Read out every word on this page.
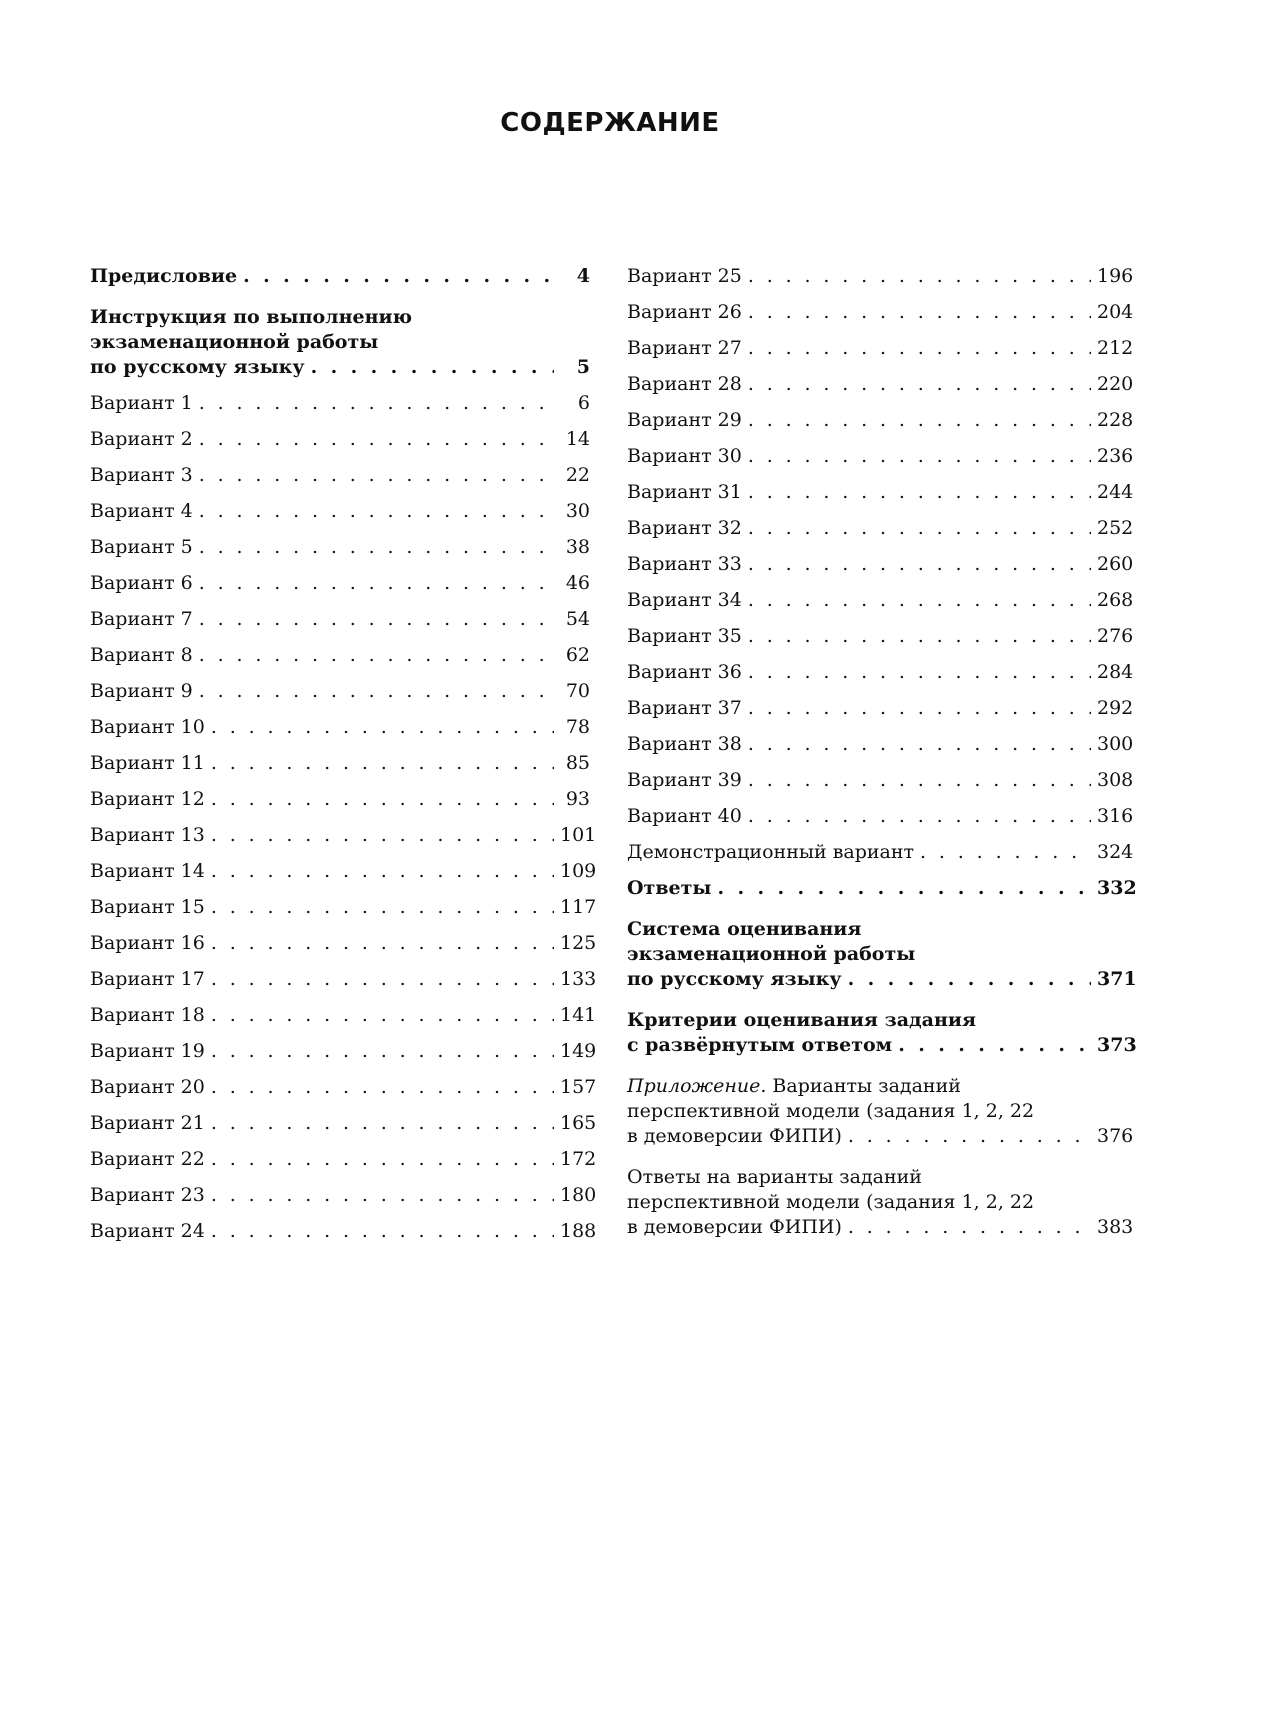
СОДЕРЖАНИЕ
Предисловие . . .	4
Инструкция по выполнению
экзаменационной работы
по русскому языку . . .	5
Вариант 1 . . .	6
Вариант 2 . . .	14
Вариант 3 . . .	22
Вариант 4 . . .	30
Вариант 5 . . .	38
Вариант 6 . . .	46
Вариант 7 . . .	54
Вариант 8 . . .	62
Вариант 9 . . .	70
Вариант 10 . . .	78
Вариант 11 . . .	85
Вариант 12 . . .	93
Вариант 13 . . .	101
Вариант 14 . . .	109
Вариант 15 . . .	117
Вариант 16 . . .	125
Вариант 17 . . .	133
Вариант 18 . . .	141
Вариант 19 . . .	149
Вариант 20 . . .	157
Вариант 21 . . .	165
Вариант 22 . . .	172
Вариант 23 . . .	180
Вариант 24 . . .	188
Вариант 25 . . .	196
Вариант 26 . . .	204
Вариант 27 . . .	212
Вариант 28 . . .	220
Вариант 29 . . .	228
Вариант 30 . . .	236
Вариант 31 . . .	244
Вариант 32 . . .	252
Вариант 33 . . .	260
Вариант 34 . . .	268
Вариант 35 . . .	276
Вариант 36 . . .	284
Вариант 37 . . .	292
Вариант 38 . . .	300
Вариант 39 . . .	308
Вариант 40 . . .	316
Демонстрационный вариант . . .	324
Ответы . . .	332
Система оценивания
экзаменационной работы
по русскому языку . . .	371
Критерии оценивания задания
с развёрнутым ответом . . .	373
Приложение. Варианты заданий
перспективной модели (задания 1, 2, 22
в демоверсии ФИПИ) . . .	376
Ответы на варианты заданий
перспективной модели (задания 1, 2, 22
в демоверсии ФИПИ) . . .	383
